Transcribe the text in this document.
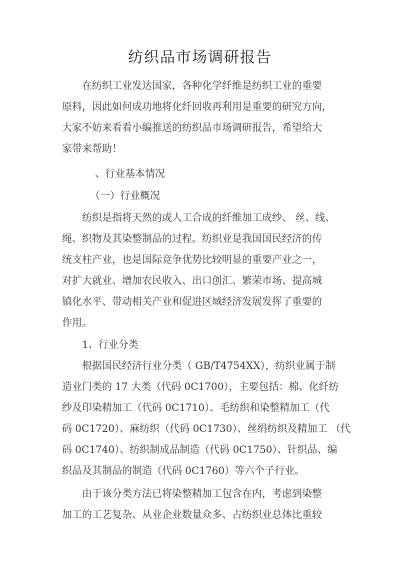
纺织品市场调研报告
在纺织工业发达国家，各种化学纤维是纺织工业的重要
原料，因此如何成功地将化纤回收再利用是重要的研究方向，
大家不妨来看看小编推送的纺织品市场调研报告，希望给大
家带来帮助！
、行业基本情况
（一）行业概况
纺织是指将天然的或人工合成的纤维加工成纱、 丝、线、
绳、织物及其染整制品的过程。纺织业是我国国民经济的传
统支柱产业，也是国际竞争优势比较明显的重要产业之一，
对扩大就业、增加农民收入、出口创汇、繁荣市场、提高城
镇化水平、带动相关产业和促进区域经济发展发挥了重要的
作用。
1、行业分类
根据国民经济行业分类（ GB/T4754XX），纺织业属于制
造业门类的 17 大类（代码 0C1700），主要包括：棉、化纤纺
纱及印染精加工（代码 0C1710）、毛纺织和染整精加工（代
码 0C1720）、麻纺织（代码 0C1730）、丝绢纺织及精加工 （代
码 0C1740）、纺织制成品制造（代码 0C1750）、针织品、编
织品及其制品的制造（代码 0C1760）等六个子行业。
由于该分类方法已将染整精加工包含在内，考虑到染整
加工的工艺复杂、从业企业数量众多、占纺织业总体比重较
